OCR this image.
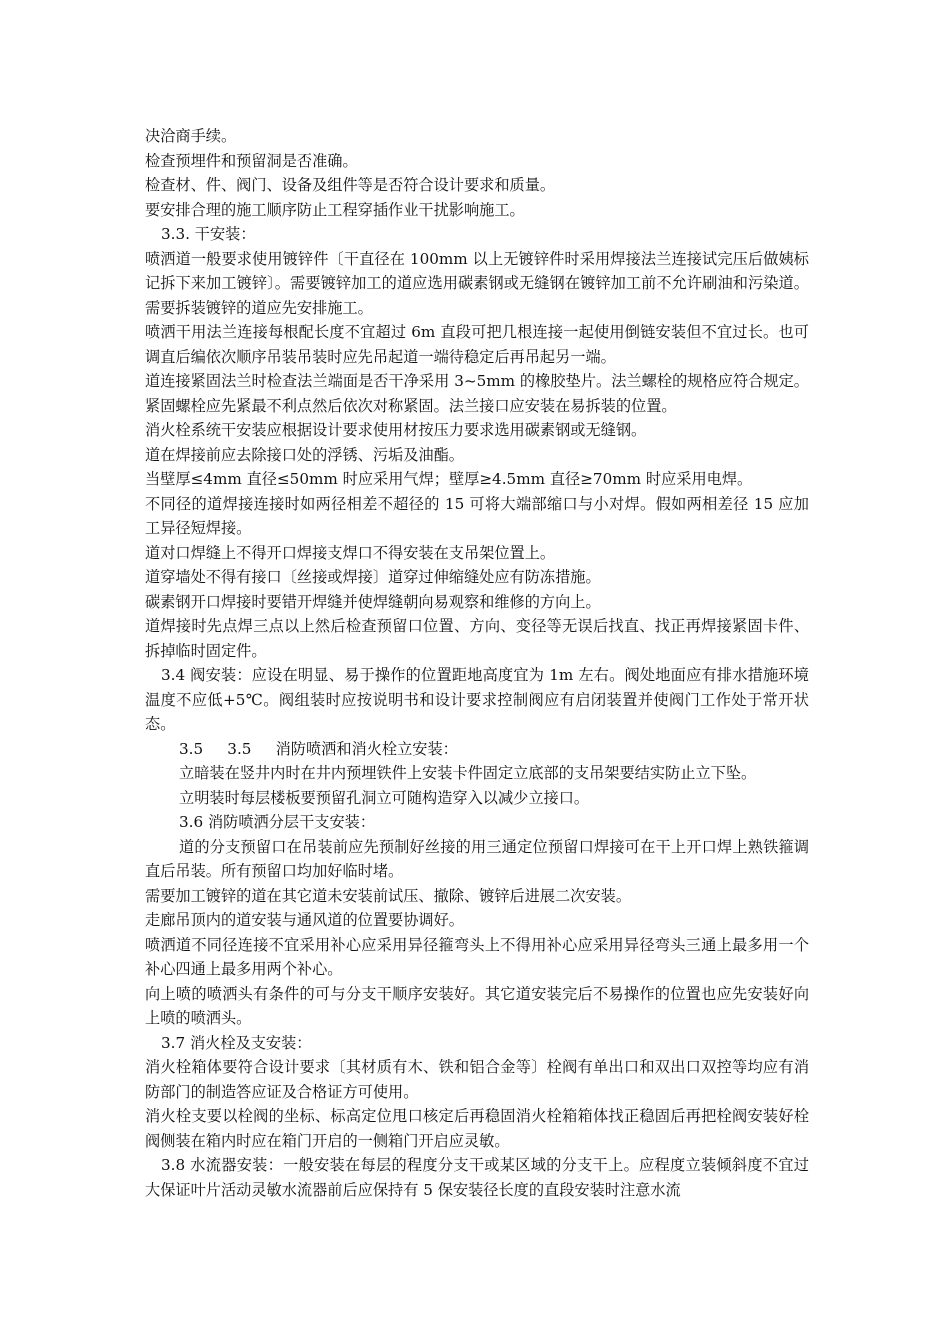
决洽商手续。

检查预埋件和预留洞是否准确。

检查材、件、阀门、设备及组件等是否符合设计要求和质量。

要安排合理的施工顺序防止工程穿插作业干扰影响施工。

3.3. 干安装：

喷洒道一般要求使用镀锌件〔干直径在 100mm 以上无镀锌件时采用焊接法兰连接试完压后做姨标记拆下来加工镀锌〕。需要镀锌加工的道应选用碳素钢或无缝钢在镀锌加工前不允许刷油和污染道。需要拆装镀锌的道应先安排施工。

喷洒干用法兰连接每根配长度不宜超过 6m 直段可把几根连接一起使用倒链安装但不宜过长。也可调直后编依次顺序吊装吊装时应先吊起道一端待稳定后再吊起另一端。

道连接紧固法兰时检查法兰端面是否干净采用 3~5mm 的橡胶垫片。法兰螺栓的规格应符合规定。紧固螺栓应先紧最不利点然后依次对称紧固。法兰接口应安装在易拆装的位置。

消火栓系统干安装应根据设计要求使用材按压力要求选用碳素钢或无缝钢。

道在焊接前应去除接口处的浮锈、污垢及油酯。

当壁厚≤4mm 直径≤50mm 时应采用气焊；壁厚≥4.5mm 直径≥70mm 时应采用电焊。

不同径的道焊接连接时如两径相差不超径的 15 可将大端部缩口与小对焊。假如两相差径 15 应加工异径短焊接。

道对口焊缝上不得开口焊接支焊口不得安装在支吊架位置上。

道穿墙处不得有接口〔丝接或焊接〕道穿过伸缩缝处应有防冻措施。

碳素钢开口焊接时要错开焊缝并使焊缝朝向易观察和维修的方向上。

道焊接时先点焊三点以上然后检查预留口位置、方向、变径等无误后找直、找正再焊接紧固卡件、拆掉临时固定件。

3.4 阀安装：应设在明显、易于操作的位置距地高度宜为 1m 左右。阀处地面应有排水措施环境温度不应低+5℃。阀组装时应按说明书和设计要求控制阀应有启闭装置并使阀门工作处于常开状态。

3.5     3.5     消防喷洒和消火栓立安装：

立暗装在竖井内时在井内预埋铁件上安装卡件固定立底部的支吊架要结实防止立下坠。

立明装时每层楼板要预留孔洞立可随构造穿入以减少立接口。

3.6 消防喷洒分层干支安装：

道的分支预留口在吊装前应先预制好丝接的用三通定位预留口焊接可在干上开口焊上熟铁箍调直后吊装。所有预留口均加好临时堵。

需要加工镀锌的道在其它道未安装前试压、撤除、镀锌后进展二次安装。

走廊吊顶内的道安装与通风道的位置要协调好。

喷洒道不同径连接不宜采用补心应采用异径箍弯头上不得用补心应采用异径弯头三通上最多用一个补心四通上最多用两个补心。

向上喷的喷洒头有条件的可与分支干顺序安装好。其它道安装完后不易操作的位置也应先安装好向上喷的喷洒头。

3.7 消火栓及支安装：

消火栓箱体要符合设计要求〔其材质有木、铁和铝合金等〕栓阀有单出口和双出口双控等均应有消防部门的制造答应证及合格证方可使用。

消火栓支要以栓阀的坐标、标高定位甩口核定后再稳固消火栓箱箱体找正稳固后再把栓阀安装好栓阀侧装在箱内时应在箱门开启的一侧箱门开启应灵敏。

3.8 水流器安装：一般安装在每层的程度分支干或某区域的分支干上。应程度立装倾斜度不宜过大保证叶片活动灵敏水流器前后应保持有 5 保安装径长度的直段安装时注意水流
